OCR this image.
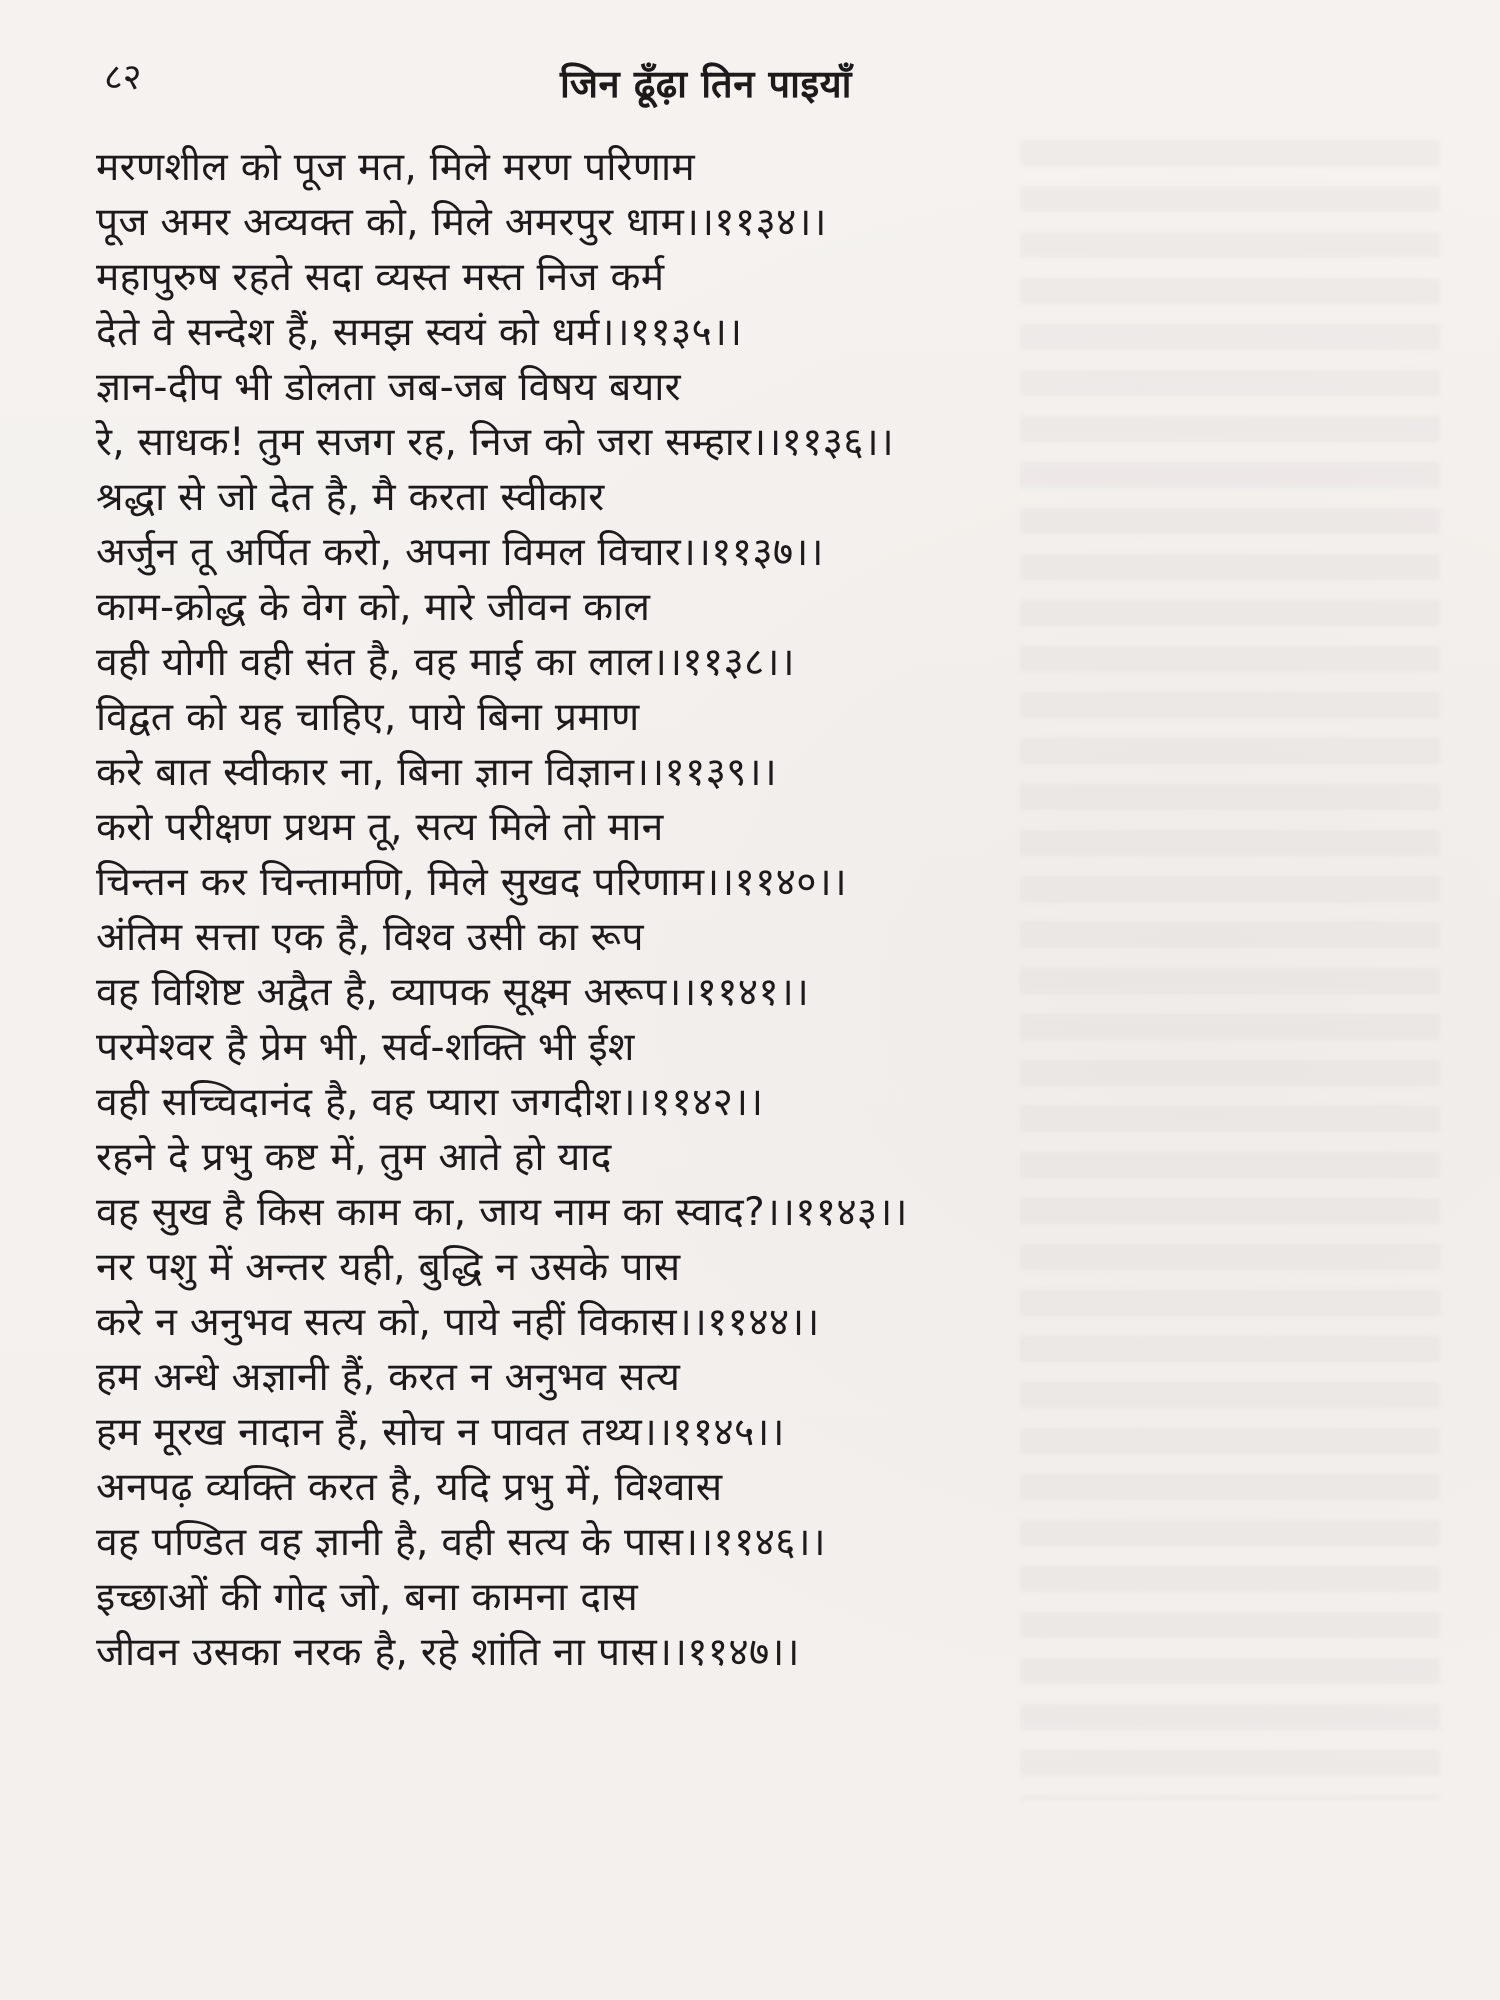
८२	जिन ढूँढ़ा तिन पाइयाँ
मरणशील को पूज मत, मिले मरण परिणाम
पूज अमर अव्यक्त को, मिले अमरपुर धाम।।११३४।।
महापुरुष रहते सदा व्यस्त मस्त निज कर्म
देते वे सन्देश हैं, समझ स्वयं को धर्म।।११३५।।
ज्ञान-दीप भी डोलता जब-जब विषय बयार
रे, साधक! तुम सजग रह, निज को जरा सम्हार।।११३६।।
श्रद्धा से जो देत है, मै करता स्वीकार
अर्जुन तू अर्पित करो, अपना विमल विचार।।११३७।।
काम-क्रोद्ध के वेग को, मारे जीवन काल
वही योगी वही संत है, वह माई का लाल।।११३८।।
विद्वत को यह चाहिए, पाये बिना प्रमाण
करे बात स्वीकार ना, बिना ज्ञान विज्ञान।।११३९।।
करो परीक्षण प्रथम तू, सत्य मिले तो मान
चिन्तन कर चिन्तामणि, मिले सुखद परिणाम।।११४०।।
अंतिम सत्ता एक है, विश्व उसी का रूप
वह विशिष्ट अद्वैत है, व्यापक सूक्ष्म अरूप।।११४१।।
परमेश्वर है प्रेम भी, सर्व-शक्ति भी ईश
वही सच्चिदानंद है, वह प्यारा जगदीश।।११४२।।
रहने दे प्रभु कष्ट में, तुम आते हो याद
वह सुख है किस काम का, जाय नाम का स्वाद?।।११४३।।
नर पशु में अन्तर यही, बुद्धि न उसके पास
करे न अनुभव सत्य को, पाये नहीं विकास।।११४४।।
हम अन्धे अज्ञानी हैं, करत न अनुभव सत्य
हम मूरख नादान हैं, सोच न पावत तथ्य।।११४५।।
अनपढ़ व्यक्ति करत है, यदि प्रभु में, विश्वास
वह पण्डित वह ज्ञानी है, वही सत्य के पास।।११४६।।
इच्छाओं की गोद जो, बना कामना दास
जीवन उसका नरक है, रहे शांति ना पास।।११४७।।
